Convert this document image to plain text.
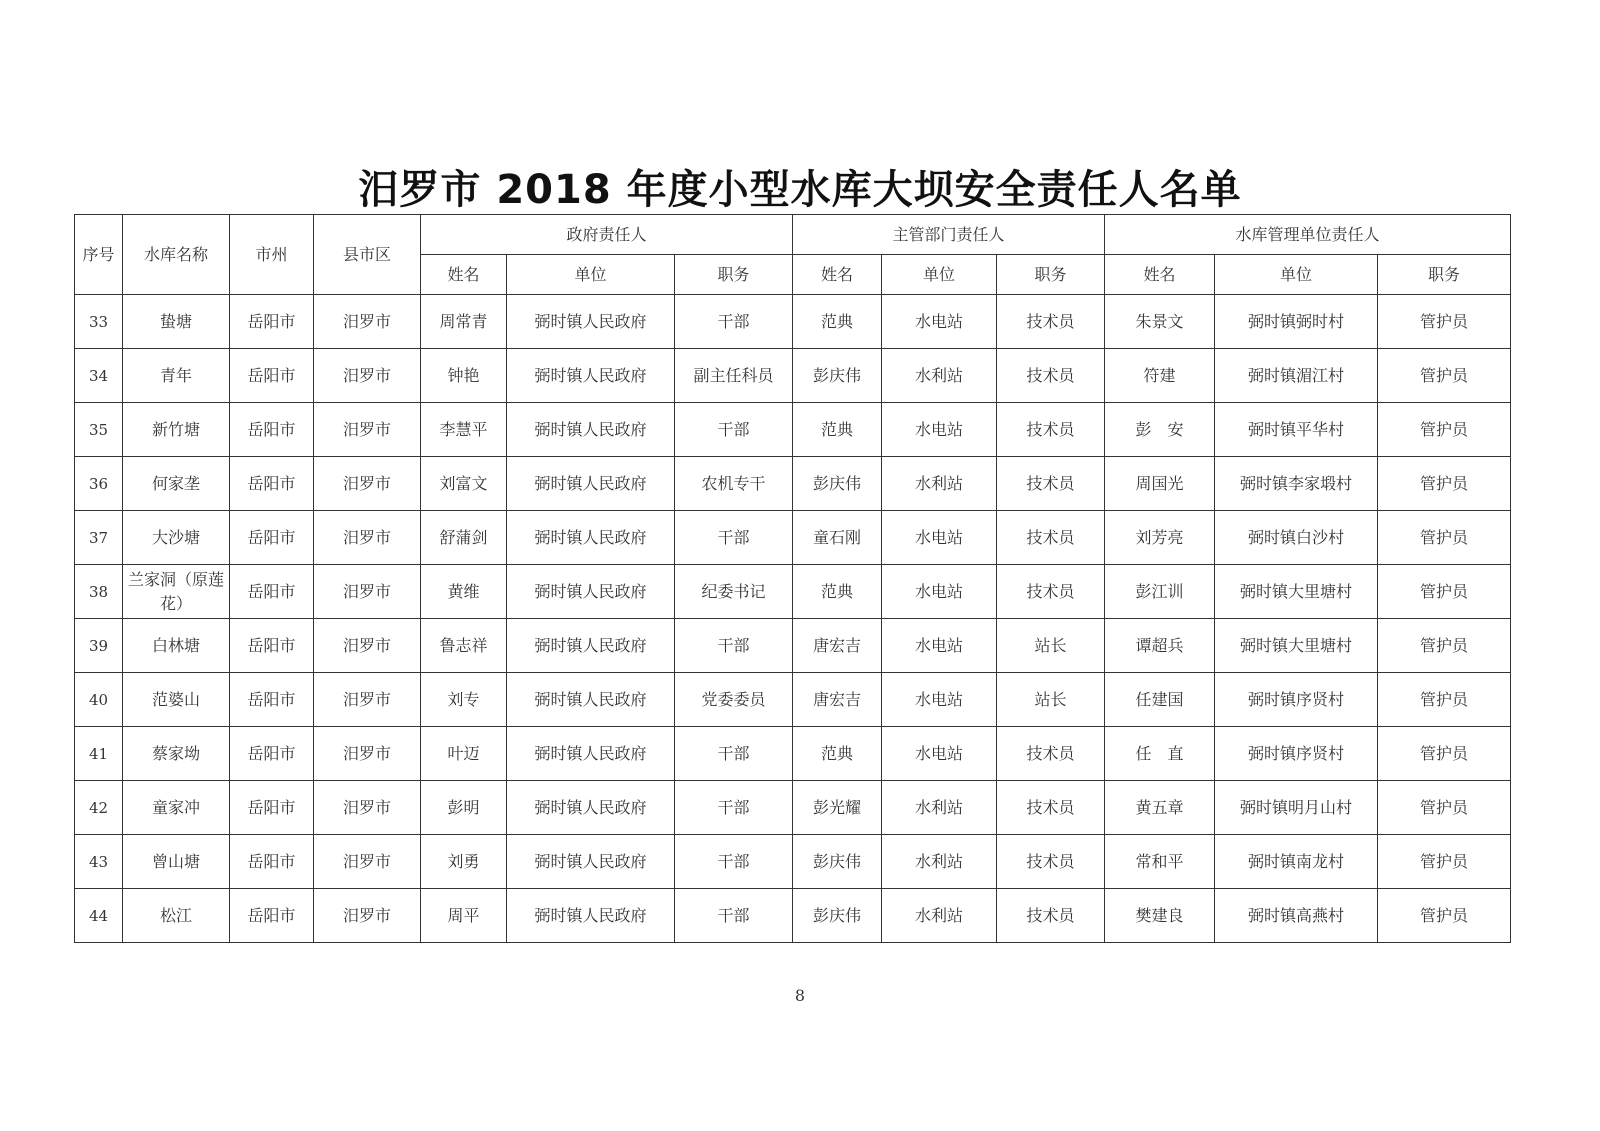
汨罗市 2018 年度小型水库大坝安全责任人名单
序号	水库名称	市州	县市区	政府责任人			主管部门责任人			水库管理单位责任人		
				姓名	单位	职务	姓名	单位	职务	姓名	单位	职务
33	蛰塘	岳阳市	汨罗市	周常青	弼时镇人民政府	干部	范典	水电站	技术员	朱景文	弼时镇弼时村	管护员
34	青年	岳阳市	汨罗市	钟艳	弼时镇人民政府	副主任科员	彭庆伟	水利站	技术员	符建	弼时镇湄江村	管护员
35	新竹塘	岳阳市	汨罗市	李慧平	弼时镇人民政府	干部	范典	水电站	技术员	彭　安	弼时镇平华村	管护员
36	何家垄	岳阳市	汨罗市	刘富文	弼时镇人民政府	农机专干	彭庆伟	水利站	技术员	周国光	弼时镇李家塅村	管护员
37	大沙塘	岳阳市	汨罗市	舒蒲剑	弼时镇人民政府	干部	童石刚	水电站	技术员	刘芳亮	弼时镇白沙村	管护员
38	兰家洞（原莲花）	岳阳市	汨罗市	黄维	弼时镇人民政府	纪委书记	范典	水电站	技术员	彭江训	弼时镇大里塘村	管护员
39	白林塘	岳阳市	汨罗市	鲁志祥	弼时镇人民政府	干部	唐宏吉	水电站	站长	谭超兵	弼时镇大里塘村	管护员
40	范婆山	岳阳市	汨罗市	刘专	弼时镇人民政府	党委委员	唐宏吉	水电站	站长	任建国	弼时镇序贤村	管护员
41	蔡家坳	岳阳市	汨罗市	叶迈	弼时镇人民政府	干部	范典	水电站	技术员	任　直	弼时镇序贤村	管护员
42	童家冲	岳阳市	汨罗市	彭明	弼时镇人民政府	干部	彭光耀	水利站	技术员	黄五章	弼时镇明月山村	管护员
43	曾山塘	岳阳市	汨罗市	刘勇	弼时镇人民政府	干部	彭庆伟	水利站	技术员	常和平	弼时镇南龙村	管护员
44	松江	岳阳市	汨罗市	周平	弼时镇人民政府	干部	彭庆伟	水利站	技术员	樊建良	弼时镇高燕村	管护员
8
